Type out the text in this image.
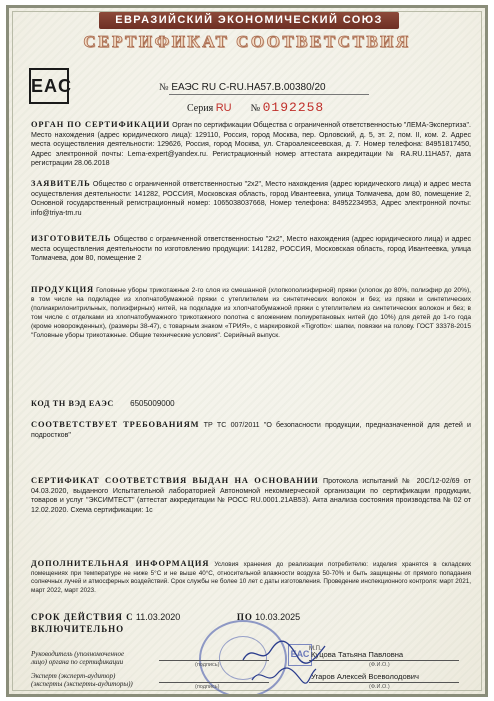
ЕВРАЗИЙСКИЙ ЭКОНОМИЧЕСКИЙ СОЮЗ
СЕРТИФИКАТ СООТВЕТСТВИЯ
EAC	№ ЕАЭС RU С-RU.НА57.В.00380/20
Серия RU № 0192258
ОРГАН ПО СЕРТИФИКАЦИИ Орган по сертификации Общества с ограниченной ответственностью "ЛЕМА-Экспертиза". Место нахождения (адрес юридического лица): 129110, Россия, город Москва, пер. Орловский, д. 5, эт. 2, пом. II, ком. 2. Адрес места осуществления деятельности: 129626, Россия, город Москва, ул. Староалексеевская, д. 7. Номер телефона: 84951817450, Адрес электронной почты: Lema-expert@yandex.ru. Регистрационный номер аттестата аккредитации № RA.RU.11НА57, дата регистрации 28.06.2018
ЗАЯВИТЕЛЬ Общество с ограниченной ответственностью "2х2", Место нахождения (адрес юридического лица) и адрес места осуществления деятельности: 141282, РОССИЯ, Московская область, город Ивантеевка, улица Толмачева, дом 80, помещение 2, Основной государственный регистрационный номер: 1065038037668, Номер телефона: 84952234953, Адрес электронной почты: info@triya-tm.ru
ИЗГОТОВИТЕЛЬ Общество с ограниченной ответственностью "2х2", Место нахождения (адрес юридического лица) и адрес места осуществления деятельности по изготовлению продукции: 141282, РОССИЯ, Московская область, город Ивантеевка, улица Толмачева, дом 80, помещение 2
ПРОДУКЦИЯ Головные уборы трикотажные 2-го слоя из смешанной (хлопкополиэфирной) пряжи (хлопок до 80%, полиэфир до 20%), в том числе на подкладке из хлопчатобумажной пряжи с утеплителем из синтетических волокон и без; из пряжи и синтетических (полиакрилонитрильных, полиэфирных) нитей, на подкладке из хлопчатобумажной пряжи с утеплителем из синтетических волокон и без; в том числе с отделками из хлопчатобумажного трикотажного полотна с вложением полиуретановых нитей (до 10%) для детей до 1-го года (кроме новорожденных), (размеры 38-47), с товарным знаком «ТРИЯ», с маркировкой «Tigrotto»: шапки, повязки на голову. ГОСТ 33378-2015 "Головные уборы трикотажные. Общие технические условия". Серийный выпуск.
КОД ТН ВЭД ЕАЭС 6505009000
СООТВЕТСТВУЕТ ТРЕБОВАНИЯМ ТР ТС 007/2011 "О безопасности продукции, предназначенной для детей и подростков"
СЕРТИФИКАТ СООТВЕТСТВИЯ ВЫДАН НА ОСНОВАНИИ Протокола испытаний № 20С/12-02/69 от 04.03.2020, выданного Испытательной лабораторией Автономной некоммерческой организации по сертификации продукции, товаров и услуг "ЭКСИМТЕСТ" (аттестат аккредитации № РОСС RU.0001.21АВ53). Акта анализа состояния производства № 02 от 12.02.2020. Схема сертификации: 1с
ДОПОЛНИТЕЛЬНАЯ ИНФОРМАЦИЯ Условия хранения до реализации потребителю: изделия хранятся в складских помещениях при температуре не ниже 5°С и не выше 40°С, относительной влажности воздуха 50-70% и быть защищены от прямого попадания солнечных лучей и атмосферных воздействий. Срок службы не более 10 лет с даты изготовления. Проведение инспекционного контроля: март 2021, март 2022, март 2023.
СРОК ДЕЙСТВИЯ С 11.03.2020	ПО 10.03.2025
ВКЛЮЧИТЕЛЬНО
ЕАС
Руководитель (уполномоченное
лицо) органа по сертификации	(подпись)
Куцова Татьяна Павловна
(Ф.И.О.)
Эксперт (эксперт-аудитор)
(эксперты (эксперты-аудиторы))	(подпись)
Угаров Алексей Всеволодович
(Ф.И.О.)
М.П.
